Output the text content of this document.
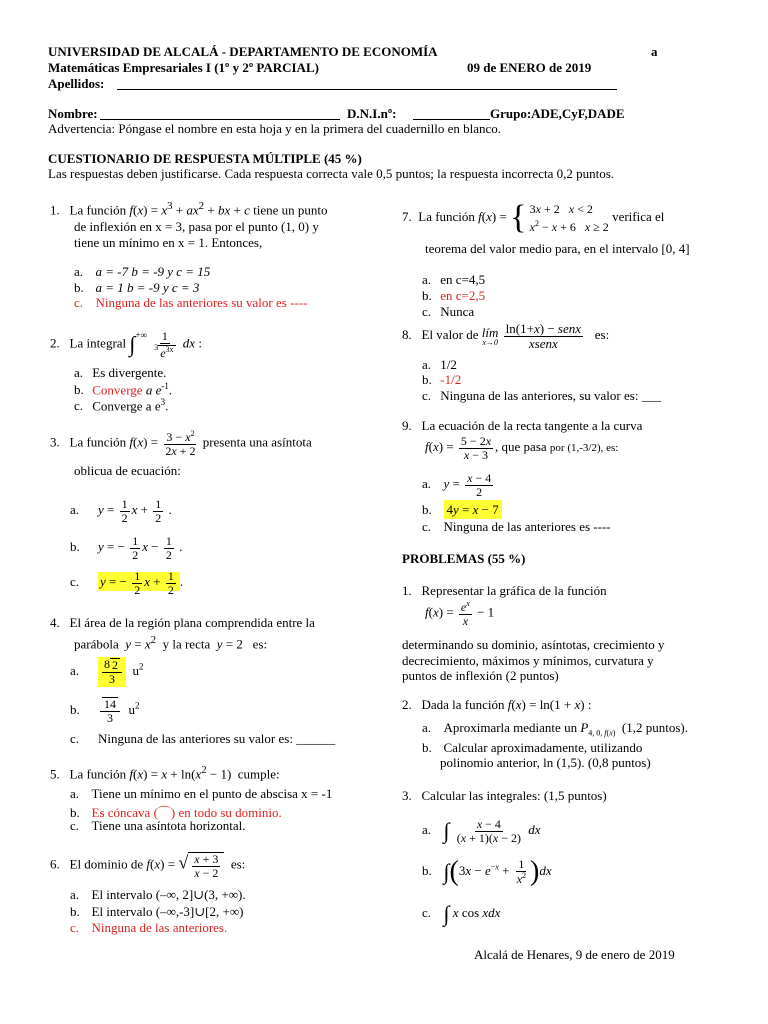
UNIVERSIDAD DE ALCALÁ - DEPARTAMENTO DE ECONOMÍA	a
Matemáticas Empresariales I (1º y 2º PARCIAL)	09 de ENERO de 2019
Apellidos:
Nombre:	D.N.I.nº:	Grupo:ADE,CyF,DADE
Advertencia: Póngase el nombre en esta hoja y en la primera del cuadernillo en blanco.
CUESTIONARIO DE RESPUESTA MÚLTIPLE (45 %)
Las respuestas deben justificarse. Cada respuesta correcta vale 0,5 puntos; la respuesta incorrecta 0,2 puntos.
1. La función $f(x) = x^3 + ax^2$ + bx + c tiene un punto
de inflexión en x = 3, pasa por el punto (1, 0) y
tiene un mínimo en x = 1. Entonces,
a. a = -7 b = -9 y c = 15
b. a = 1 b = -9 y c = 3
c. Ninguna de las anteriores su valor es ----
2. La integral $\int^{+\infty} \frac{1}{^3 e^{3x}}$ dx :
a. Es divergente.
b. Converge a $e^{-1}$.
c. Converge a $e^3$.
3. La función $f(x) = \frac{3 - x^2}{2x + 2}$ presenta una asíntota
oblicua de ecuación:
a. $y = \frac{1}{2}$ $x + \frac{1}{2}$ .
b. y = − $\frac{1}{2}$ $x - \frac{1}{2}$ .
c. y = − $\frac{1}{2}$ $x + \frac{1}{2}$ .
4. El área de la región plana comprendida entre la
parábola $y = x^2$ y la recta y = 2   es:
a. $\frac{8 2}{3} u^2$
b. $\frac{14}{3} u^2$
c. Ninguna de las anteriores su valor es: ______
5. La función $f(x) = x + \ln(x^2 - 1)$  cumple:
a. Tiene un mínimo en el punto de abscisa x = -1
b. Es cóncava (⌒) en todo su dominio.
c. Tiene una asíntota horizontal.
6. El dominio de f(x) = √ $\frac{x + 3}{x - 2}$ es:
a. El intervalo (–∞, 2]∪(3, +∞).
b. El intervalo (–∞,-3]∪[2, +∞)
c. Ninguna de las anteriores.
7. La función f(x) = { 3x + 2   x < 2
$x^2 - x + 6$   x ≥ 2
verifica el
teorema del valor medio para, en el intervalo [0, 4]
a. en c=4,5
b. en c=2,5
c. Nunca
8. El valor de lím
x→0
$\frac{\text{ln(1+x) − senx}}{\text{xsenx}}$ es:
a. 1/2
b. -1/2
c. Ninguna de las anteriores, su valor es: ___
9. La ecuación de la recta tangente a la curva
$f(x) = \frac{5 - 2x}{x - 3}$ , que pasa por (1,-3/2), es:
a. $y = \frac{x - 4}{2}$
b. 4y = x − 7
c. Ninguna de las anteriores es ----
PROBLEMAS (55 %)
1. Representar la gráfica de la función
$f(x) = \frac{e^x}{x} - 1$
determinando su dominio, asíntotas, crecimiento y
decrecimiento, máximos y mínimos, curvatura y
puntos de inflexión (2 puntos)
2. Dada la función f(x) = ln(1 + x) :
a. Aproximarla mediante un $P_{4, 0, f(x)}$ (1,2 puntos).
b. Calcular aproximadamente, utilizando
polinomio anterior, ln (1,5). (0,8 puntos)
3. Calcular las integrales: (1,5 puntos)
a. ∫ $\frac{x - 4}{(x + 1)(x - 2)}$ dx
b. $\int(3x - e^{-x} + \frac{1}{x^2} )dx$
c. ∫ x cos xdx
Alcalá de Henares, 9 de enero de 2019
